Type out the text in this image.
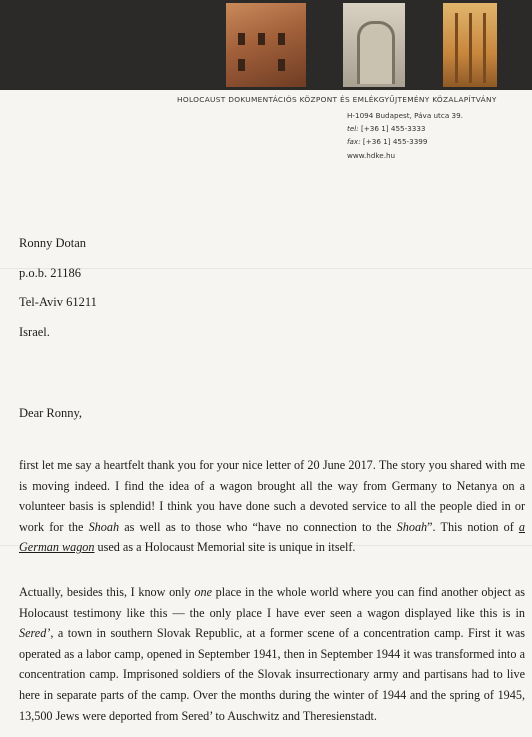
HOLOCAUST DOKUMENTÁCIÓS KÖZPONT ÉS EMLÉKGYŰJTEMÉNY KÖZALAPÍTVÁNY
H-1094 Budapest, Páva utca 39.
tel: [+36 1] 455-3333
fax: [+36 1] 455-3399
www.hdke.hu
Ronny Dotan
p.o.b. 21186
Tel-Aviv 61211
Israel.
Dear Ronny,

first let me say a heartfelt thank you for your nice letter of 20 June 2017. The story you shared with me is moving indeed. I find the idea of a wagon brought all the way from Germany to Netanya on a volunteer basis is splendid! I think you have done such a devoted service to all the people died in or work for the Shoah as well as to those who “have no connection to the Shoah”. This notion of a German wagon used as a Holocaust Memorial site is unique in itself.

Actually, besides this, I know only one place in the whole world where you can find another object as Holocaust testimony like this — the only place I have ever seen a wagon displayed like this is in Sered’, a town in southern Slovak Republic, at a former scene of a concentration camp. First it was operated as a labor camp, opened in September 1941, then in September 1944 it was transformed into a concentration camp. Imprisoned soldiers of the Slovak insurrectionary army and partisans had to live here in separate parts of the camp. Over the months during the winter of 1944 and the spring of 1945, 13,500 Jews were deported from Sered’ to Auschwitz and Theresienstadt.
